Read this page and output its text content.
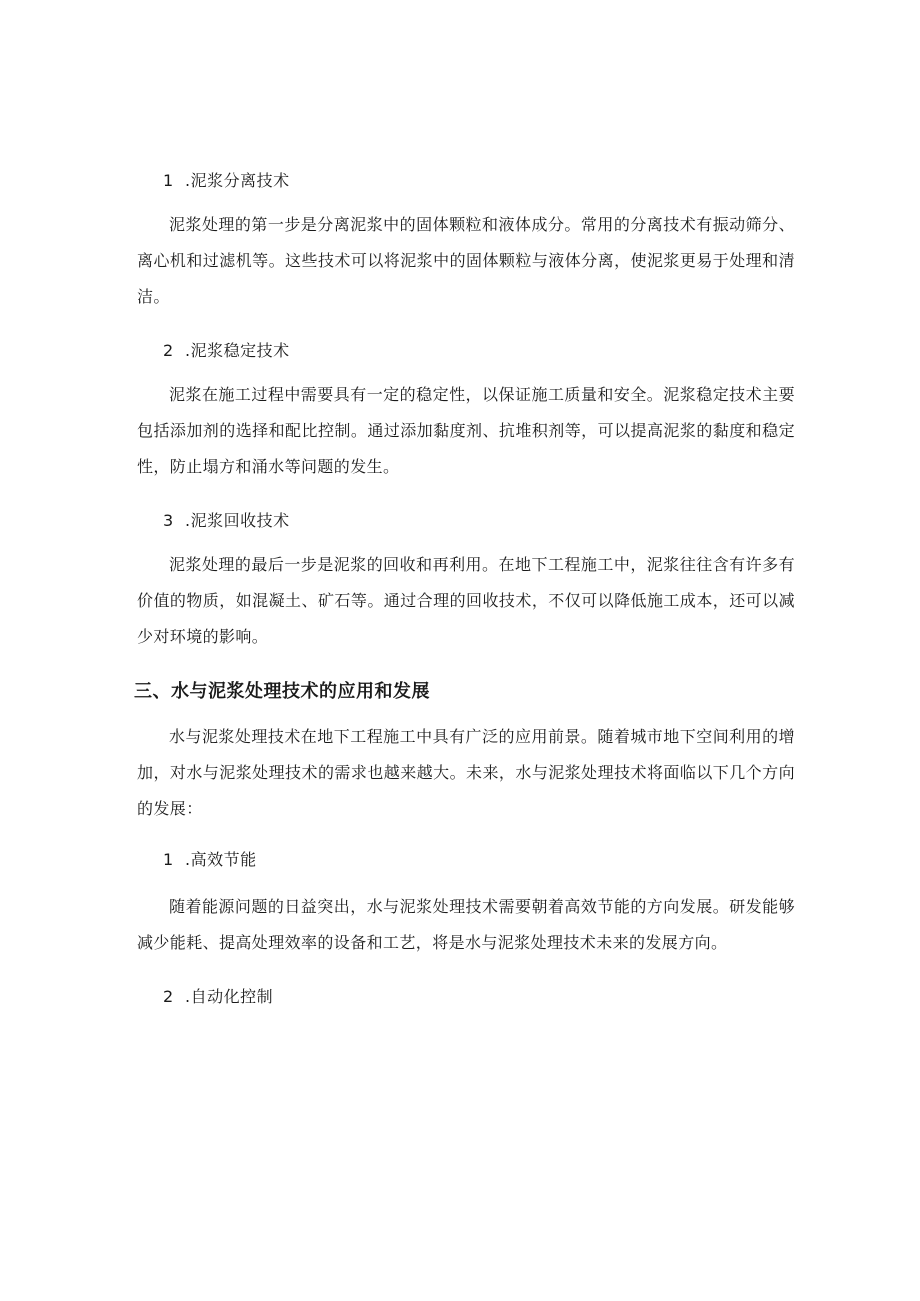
1 .泥浆分离技术
泥浆处理的第一步是分离泥浆中的固体颗粒和液体成分。常用的分离技术有振动筛分、离心机和过滤机等。这些技术可以将泥浆中的固体颗粒与液体分离，使泥浆更易于处理和清洁。
2 .泥浆稳定技术
泥浆在施工过程中需要具有一定的稳定性，以保证施工质量和安全。泥浆稳定技术主要包括添加剂的选择和配比控制。通过添加黏度剂、抗堆积剂等，可以提高泥浆的黏度和稳定性，防止塌方和涌水等问题的发生。
3 .泥浆回收技术
泥浆处理的最后一步是泥浆的回收和再利用。在地下工程施工中，泥浆往往含有许多有价值的物质，如混凝土、矿石等。通过合理的回收技术，不仅可以降低施工成本，还可以减少对环境的影响。
三、水与泥浆处理技术的应用和发展
水与泥浆处理技术在地下工程施工中具有广泛的应用前景。随着城市地下空间利用的增加，对水与泥浆处理技术的需求也越来越大。未来，水与泥浆处理技术将面临以下几个方向的发展：
1 .高效节能
随着能源问题的日益突出，水与泥浆处理技术需要朝着高效节能的方向发展。研发能够减少能耗、提高处理效率的设备和工艺，将是水与泥浆处理技术未来的发展方向。
2 .自动化控制
